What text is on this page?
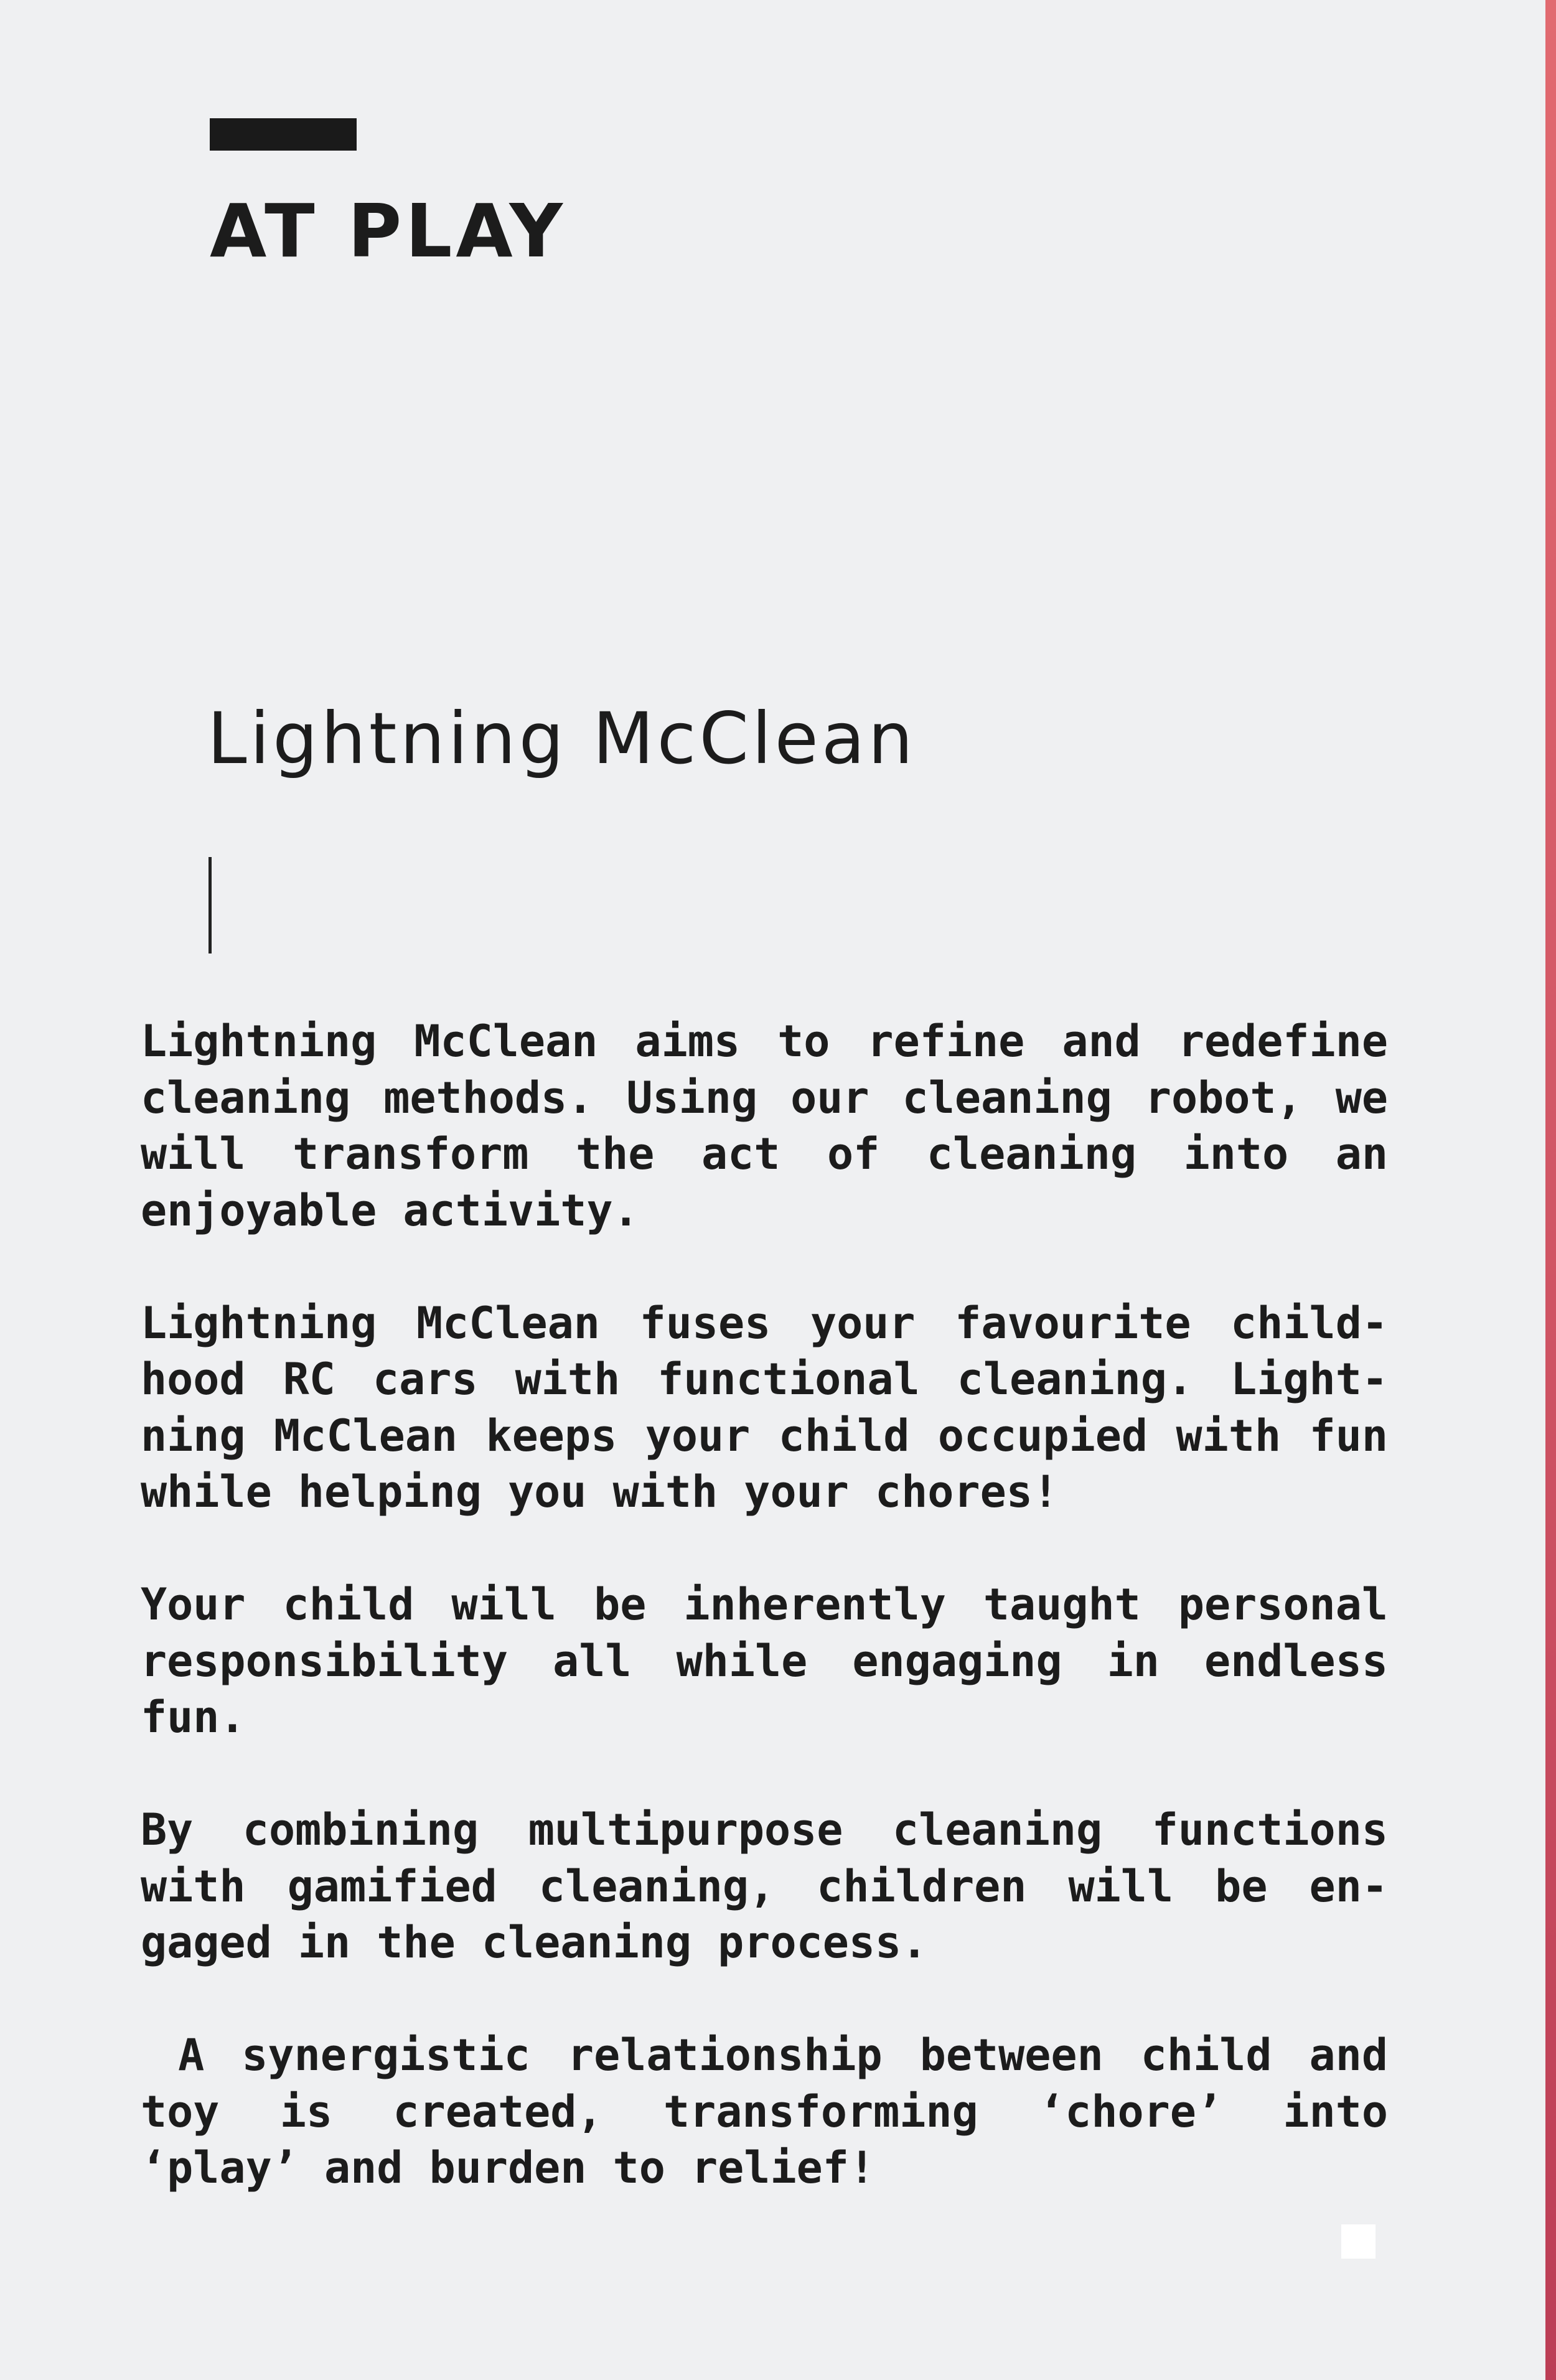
AT PLAY
Lightning McClean

Lightning McClean aims to refine and redefine cleaning methods. Using our cleaning robot, we will transform the act of cleaning into an enjoyable activity.

Lightning McClean fuses your favourite child-hood RC cars with functional cleaning. Light-ning McClean keeps your child occupied with fun while helping you with your chores!

Your child will be inherently taught personal responsibility all while engaging in endless fun.

By combining multipurpose cleaning functions with gamified cleaning, children will be en-gaged in the cleaning process.

A synergistic relationship between child and toy is created, transforming ‘chore’ into ‘play’ and burden to relief!
